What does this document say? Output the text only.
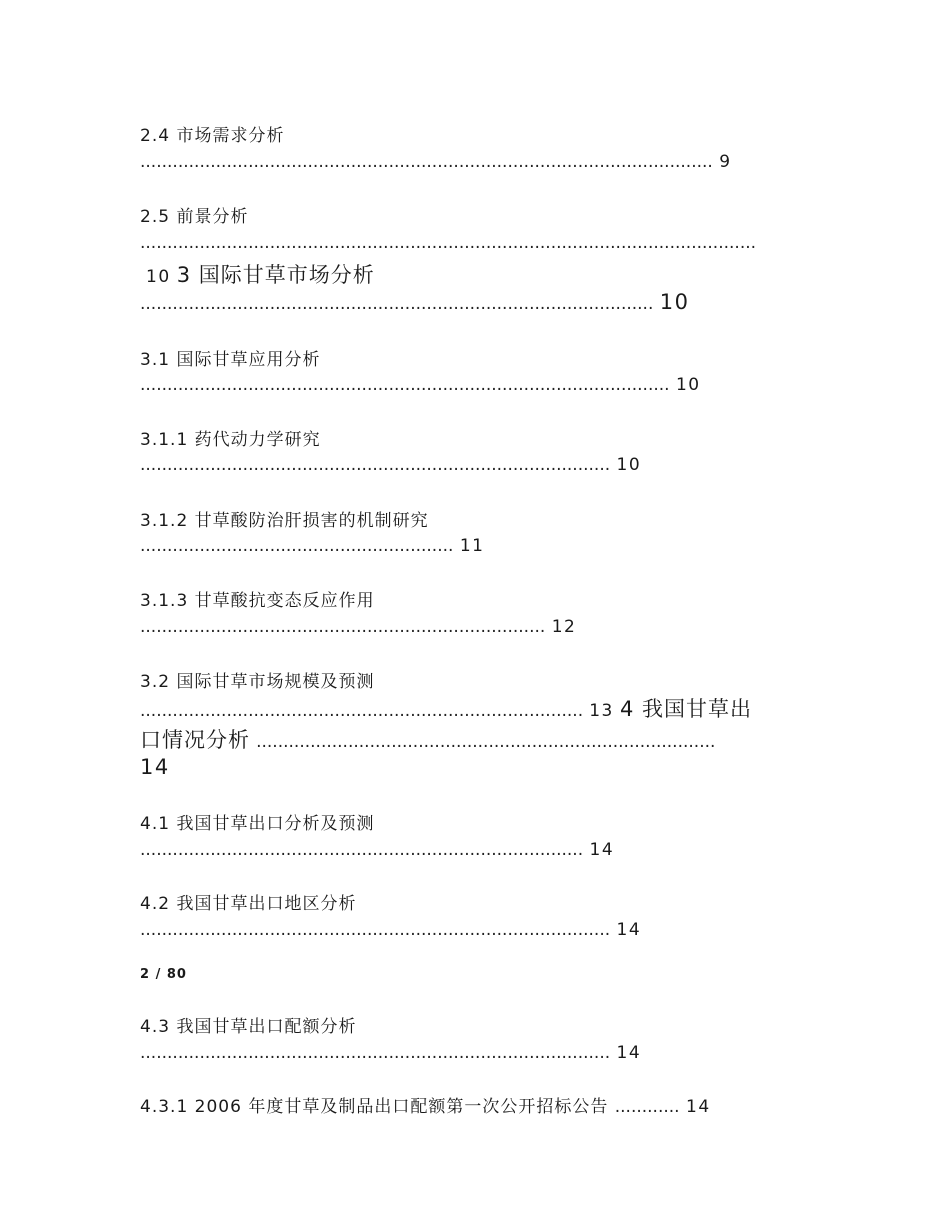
2.4 市场需求分析
.......................................................................................................... 9
2.5 前景分析
..................................................................................................................
10 3 国际甘草市场分析
............................................................................................... 10
3.1 国际甘草应用分析
.................................................................................................. 10
3.1.1 药代动力学研究
....................................................................................... 10
3.1.2 甘草酸防治肝损害的机制研究
.......................................................... 11
3.1.3 甘草酸抗变态反应作用
........................................................................... 12
3.2 国际甘草市场规模及预测
.................................................................................. 13 4 我国甘草出
口情况分析 .....................................................................................
14
4.1 我国甘草出口分析及预测
.................................................................................. 14
4.2 我国甘草出口地区分析
....................................................................................... 14
2 / 80
4.3 我国甘草出口配额分析
....................................................................................... 14
4.3.1 2006 年度甘草及制品出口配额第一次公开招标公告 ............ 14
